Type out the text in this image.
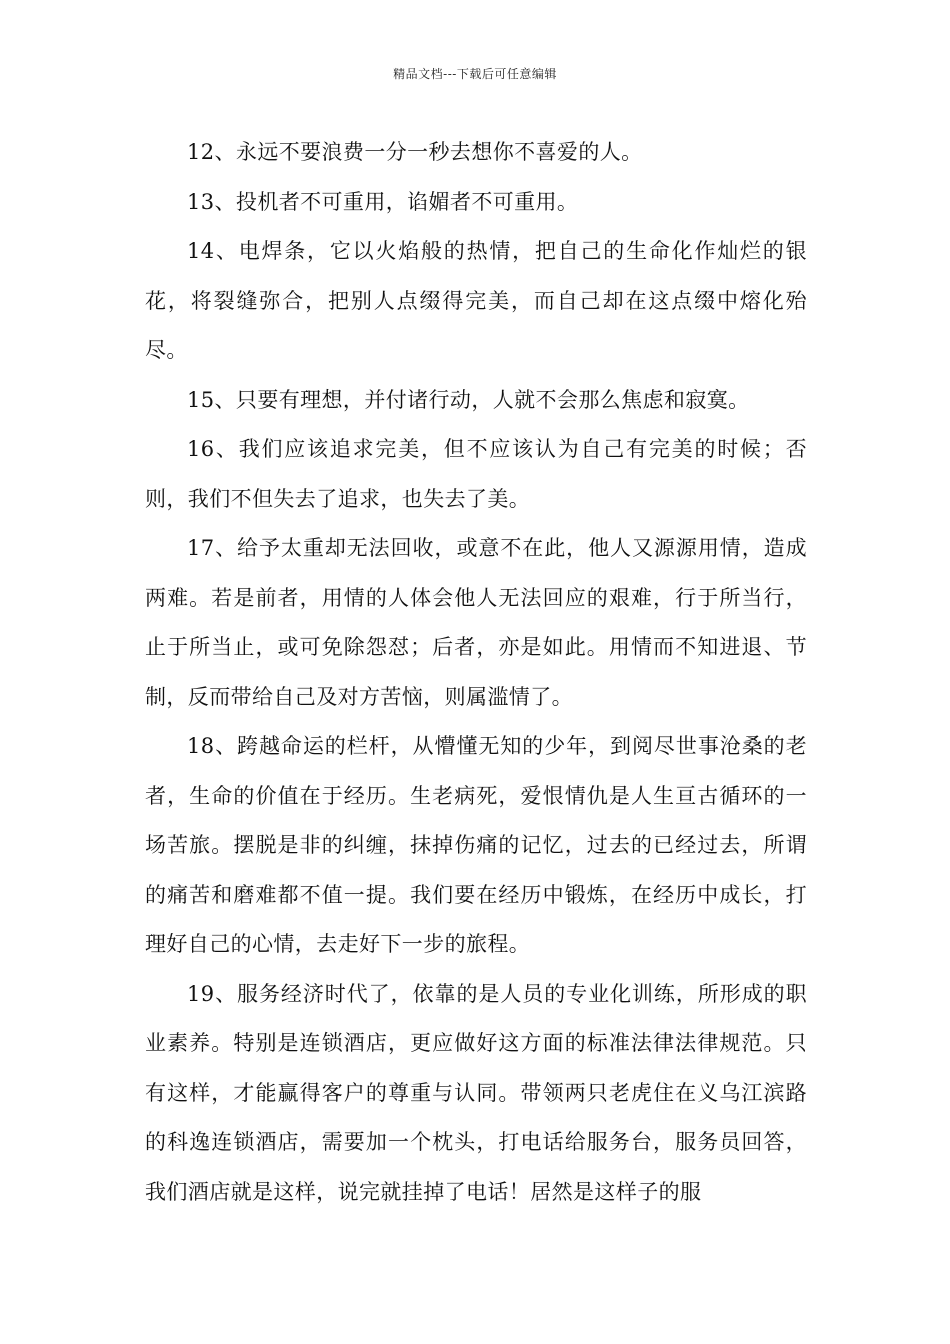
精品文档---下载后可任意编辑

12、永远不要浪费一分一秒去想你不喜爱的人。

13、投机者不可重用，谄媚者不可重用。

14、电焊条，它以火焰般的热情，把自己的生命化作灿烂的银花，将裂缝弥合，把别人点缀得完美，而自己却在这点缀中熔化殆尽。

15、只要有理想，并付诸行动，人就不会那么焦虑和寂寞。

16、我们应该追求完美，但不应该认为自己有完美的时候；否则，我们不但失去了追求，也失去了美。

17、给予太重却无法回收，或意不在此，他人又源源用情，造成两难。若是前者，用情的人体会他人无法回应的艰难，行于所当行，止于所当止，或可免除怨怼；后者，亦是如此。用情而不知进退、节制，反而带给自己及对方苦恼，则属滥情了。

18、跨越命运的栏杆，从懵懂无知的少年，到阅尽世事沧桑的老者，生命的价值在于经历。生老病死，爱恨情仇是人生亘古循环的一场苦旅。摆脱是非的纠缠，抹掉伤痛的记忆，过去的已经过去，所谓的痛苦和磨难都不值一提。我们要在经历中锻炼，在经历中成长，打理好自己的心情，去走好下一步的旅程。

19、服务经济时代了，依靠的是人员的专业化训练，所形成的职业素养。特别是连锁酒店，更应做好这方面的标准法律法律规范。只有这样，才能赢得客户的尊重与认同。带领两只老虎住在义乌江滨路的科逸连锁酒店，需要加一个枕头，打电话给服务台，服务员回答，我们酒店就是这样，说完就挂掉了电话！居然是这样子的服
